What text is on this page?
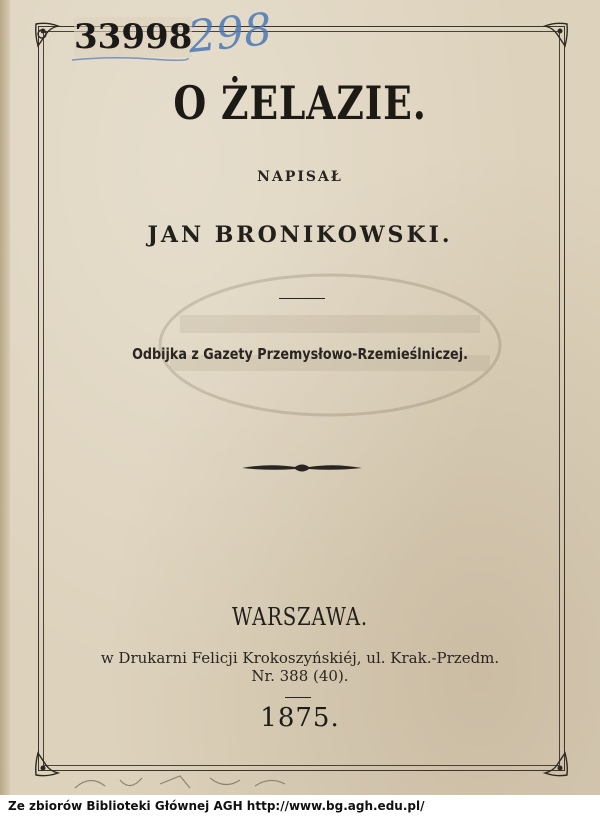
33998
298
O ŻELAZIE.
NAPISAŁ
JAN BRONIKOWSKI.
Odbijka z Gazety Przemysłowo-Rzemieślniczej.
WARSZAWA.
w Drukarni Felicji Krokoszyńskiéj, ul. Krak.-Przedm.
Nr. 388 (40).
1875.
Ze zbiorów Biblioteki Głównej AGH http://www.bg.agh.edu.pl/
